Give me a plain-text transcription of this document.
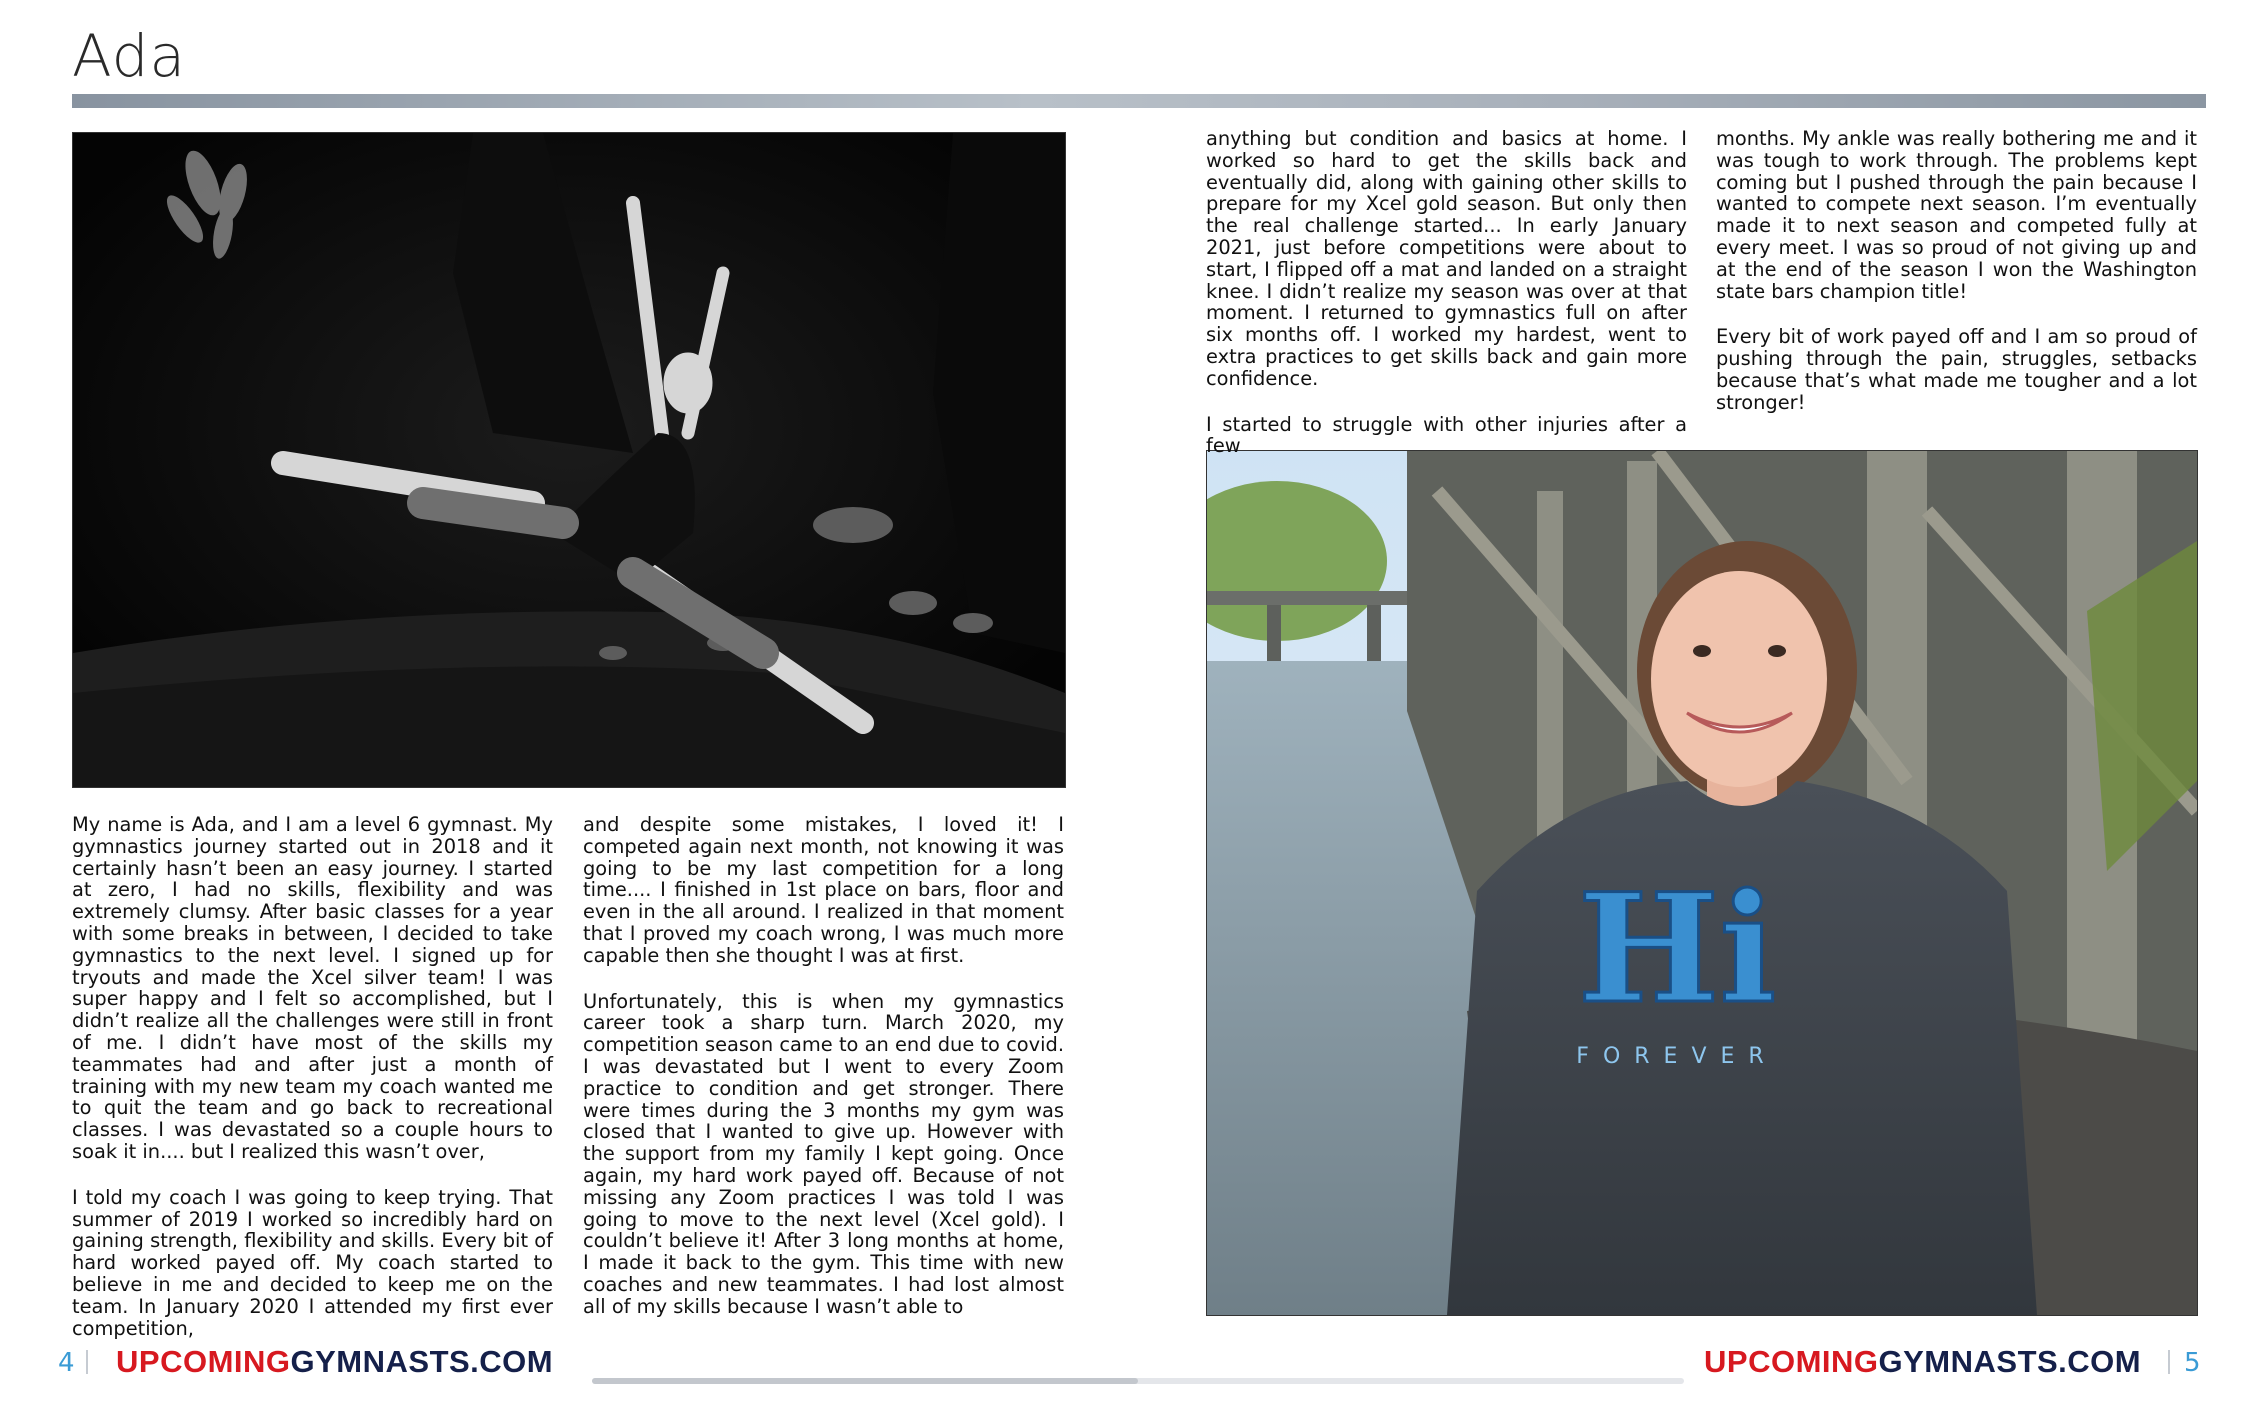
Ada
Hi
FOREVER

My name is Ada, and I am a level 6 gymnast. My gymnastics journey started out in 2018 and it certainly hasn’t been an easy journey. I started at zero, I had no skills, flexibility and was extremely clumsy. After basic classes for a year with some breaks in between, I decided to take gymnastics to the next level. I signed up for tryouts and made the Xcel silver team! I was super happy and I felt so accomplished, but I didn’t realize all the challenges were still in front of me. I didn’t have most of the skills my teammates had and after just a month of training with my new team my coach wanted me to quit the team and go back to recreational classes. I was devastated so a couple hours to soak it in.... but I realized this wasn’t over,

I told my coach I was going to keep trying. That summer of 2019 I worked so incredibly hard on gaining strength, flexibility and skills. Every bit of hard worked payed off. My coach started to believe in me and decided to keep me on the team. In January 2020 I attended my first ever competition,

and despite some mistakes, I loved it! I competed again next month, not knowing it was going to be my last competition for a long time.... I finished in 1st place on bars, floor and even in the all around. I realized in that moment that I proved my coach wrong, I was much more capable then she thought I was at first.

Unfortunately, this is when my gymnastics career took a sharp turn. March 2020, my competition season came to an end due to covid. I was devastated but I went to every Zoom practice to condition and get stronger. There were times during the 3 months my gym was closed that I wanted to give up. However with the support from my family I kept going. Once again, my hard work payed off. Because of not missing any Zoom practices I was told I was going to move to the next level (Xcel gold). I couldn’t believe it! After 3 long months at home, I made it back to the gym. This time with new coaches and new teammates. I had lost almost all of my skills because I wasn’t able to

anything but condition and basics at home. I worked so hard to get the skills back and eventually did, along with gaining other skills to prepare for my Xcel gold season. But only then the real challenge started... In early January 2021, just before competitions were about to start, I flipped off a mat and landed on a straight knee. I didn’t realize my season was over at that moment. I returned to gymnastics full on after six months off. I worked my hardest, went to extra practices to get skills back and gain more confidence.

I started to struggle with other injuries after a few

months. My ankle was really bothering me and it was tough to work through. The problems kept coming but I pushed through the pain because I wanted to compete next season. I’m eventually made it to next season and competed fully at every meet. I was so proud of not giving up and at the end of the season I won the Washington state bars champion title!

Every bit of work payed off and I am so proud of pushing through the pain, struggles, setbacks because that’s what made me tougher and a lot stronger!

4 UPCOMINGGYMNASTS.COM	UPCOMINGGYMNASTS.COM 5
